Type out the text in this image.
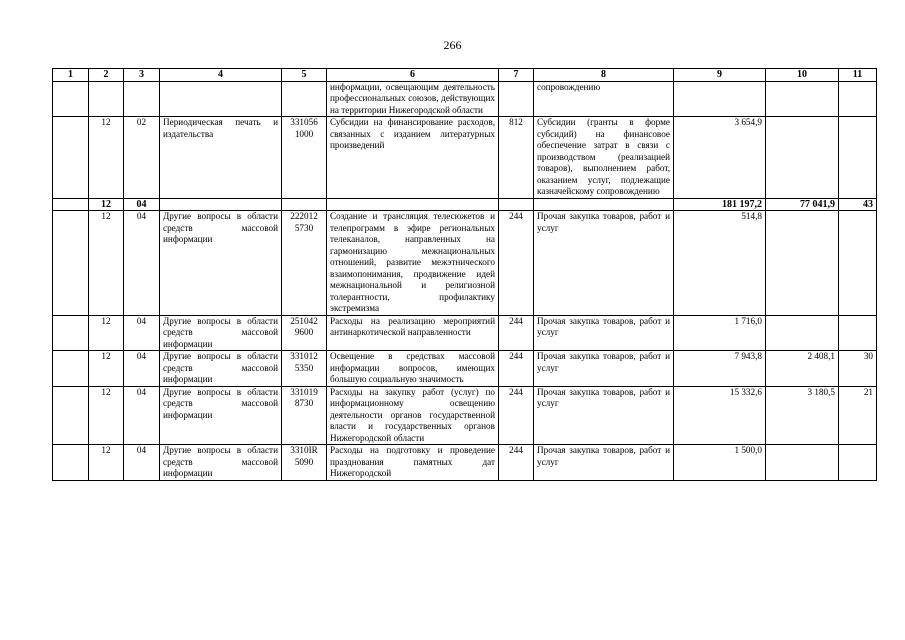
266
1	2	3	4	5	6	7	8	9	10	11
					информации, освещающим деятельность профессиональных союзов, действующих на территории Нижегородской области		сопровождению			
	12	02	Периодическая печать и издательства	331056 1000	Субсидии на финансирование расходов, связанных с изданием литературных произведений	812	Субсидии (гранты в форме субсидий) на финансовое обеспечение затрат в связи с производством (реализацией товаров), выполнением работ, оказанием услуг, подлежащие казначейскому сопровождению	3 654,9		
	12	04						181 197,2	77 041,9	43
	12	04	Другие вопросы в области средств массовой информации	222012 5730	Создание и трансляция телесюжетов и телепрограмм в эфире региональных телеканалов, направленных на гармонизацию межнациональных отношений, развитие межэтнического взаимопонимания, продвижение идей межнациональной и религиозной толерантности, профилактику экстремизма	244	Прочая закупка товаров, работ и услуг	514,8		
	12	04	Другие вопросы в области средств массовой информации	251042 9600	Расходы на реализацию мероприятий антинаркотической направленности	244	Прочая закупка товаров, работ и услуг	1 716,0		
	12	04	Другие вопросы в области средств массовой информации	331012 5350	Освещение в средствах массовой информации вопросов, имеющих большую социальную значимость	244	Прочая закупка товаров, работ и услуг	7 943,8	2 408,1	30
	12	04	Другие вопросы в области средств массовой информации	331019 8730	Расходы на закупку работ (услуг) по информационному освещению деятельности органов государственной власти и государственных органов Нижегородской области	244	Прочая закупка товаров, работ и услуг	15 332,6	3 180,5	21
	12	04	Другие вопросы в области средств массовой информации	3310IR 5090	Расходы на подготовку и проведение празднования памятных дат Нижегородской	244	Прочая закупка товаров, работ и услуг	1 500,0		
